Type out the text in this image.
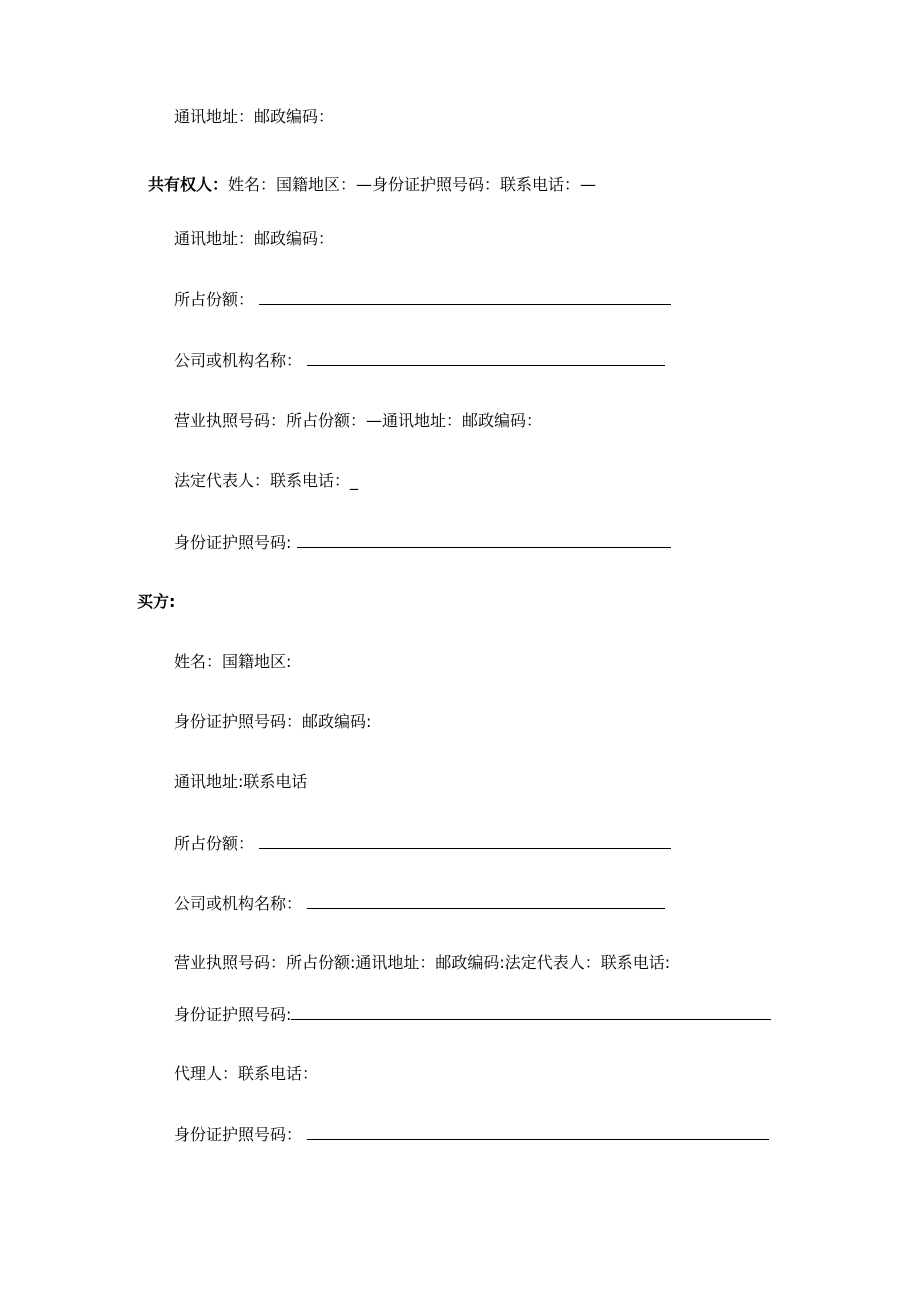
通讯地址：邮政编码：
共有权人：姓名：国籍地区：—身份证护照号码：联系电话：—
通讯地址：邮政编码：
所占份额：
公司或机构名称：
营业执照号码：所占份额：—通讯地址：邮政编码：
法定代表人：联系电话：_
身份证护照号码:
买方:
姓名：国籍地区:
身份证护照号码：邮政编码:
通讯地址:联系电话
所占份额：
公司或机构名称：
营业执照号码：所占份额:通讯地址：邮政编码:法定代表人：联系电话:
身份证护照号码:
代理人：联系电话：
身份证护照号码：
